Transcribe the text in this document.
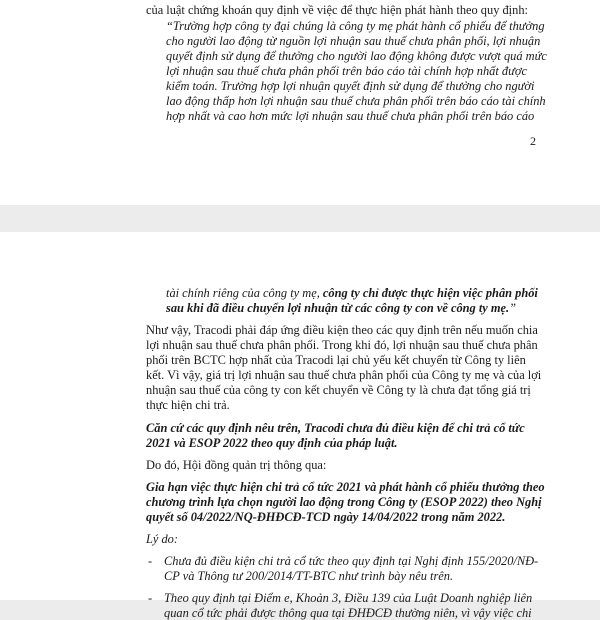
của luật chứng khoán quy định về việc để thực hiện phát hành theo quy định:
“Trường hợp công ty đại chúng là công ty mẹ phát hành cổ phiếu để thưởng
cho người lao động từ nguồn lợi nhuận sau thuế chưa phân phối, lợi nhuận
quyết định sử dụng để thưởng cho người lao động không được vượt quá mức
lợi nhuận sau thuế chưa phân phối trên báo cáo tài chính hợp nhất được
kiểm toán. Trường hợp lợi nhuận quyết định sử dụng để thưởng cho người
lao động thấp hơn lợi nhuận sau thuế chưa phân phối trên báo cáo tài chính
hợp nhất và cao hơn mức lợi nhuận sau thuế chưa phân phối trên báo cáo
2
tài chính riêng của công ty mẹ, công ty chỉ được thực hiện việc phân phối
sau khi đã điều chuyển lợi nhuận từ các công ty con về công ty mẹ.”
Như vậy, Tracodi phải đáp ứng điều kiện theo các quy định trên nếu muốn chia
lợi nhuận sau thuế chưa phân phối. Trong khi đó, lợi nhuận sau thuế chưa phân
phối trên BCTC hợp nhất của Tracodi lại chủ yếu kết chuyển từ Công ty liên
kết. Vì vậy, giá trị lợi nhuận sau thuế chưa phân phối của Công ty mẹ và của lợi
nhuận sau thuế của công ty con kết chuyển về Công ty là chưa đạt tổng giá trị
thực hiện chi trả.
Căn cứ các quy định nêu trên, Tracodi chưa đủ điều kiện để chi trả cổ tức
2021 và ESOP 2022 theo quy định của pháp luật.
Do đó, Hội đồng quản trị thông qua:
Gia hạn việc thực hiện chi trả cổ tức 2021 và phát hành cổ phiếu thưởng theo
chương trình lựa chọn người lao động trong Công ty (ESOP 2022) theo Nghị
quyết số 04/2022/NQ-ĐHĐCĐ-TCD ngày 14/04/2022 trong năm 2022.
Lý do:
- Chưa đủ điều kiện chi trả cổ tức theo quy định tại Nghị định 155/2020/NĐ-
CP và Thông tư 200/2014/TT-BTC như trình bày nêu trên.
- Theo quy định tại Điểm e, Khoản 3, Điều 139 của Luật Doanh nghiệp liên
quan cổ tức phải được thông qua tại ĐHĐCĐ thường niên, vì vậy việc chi
